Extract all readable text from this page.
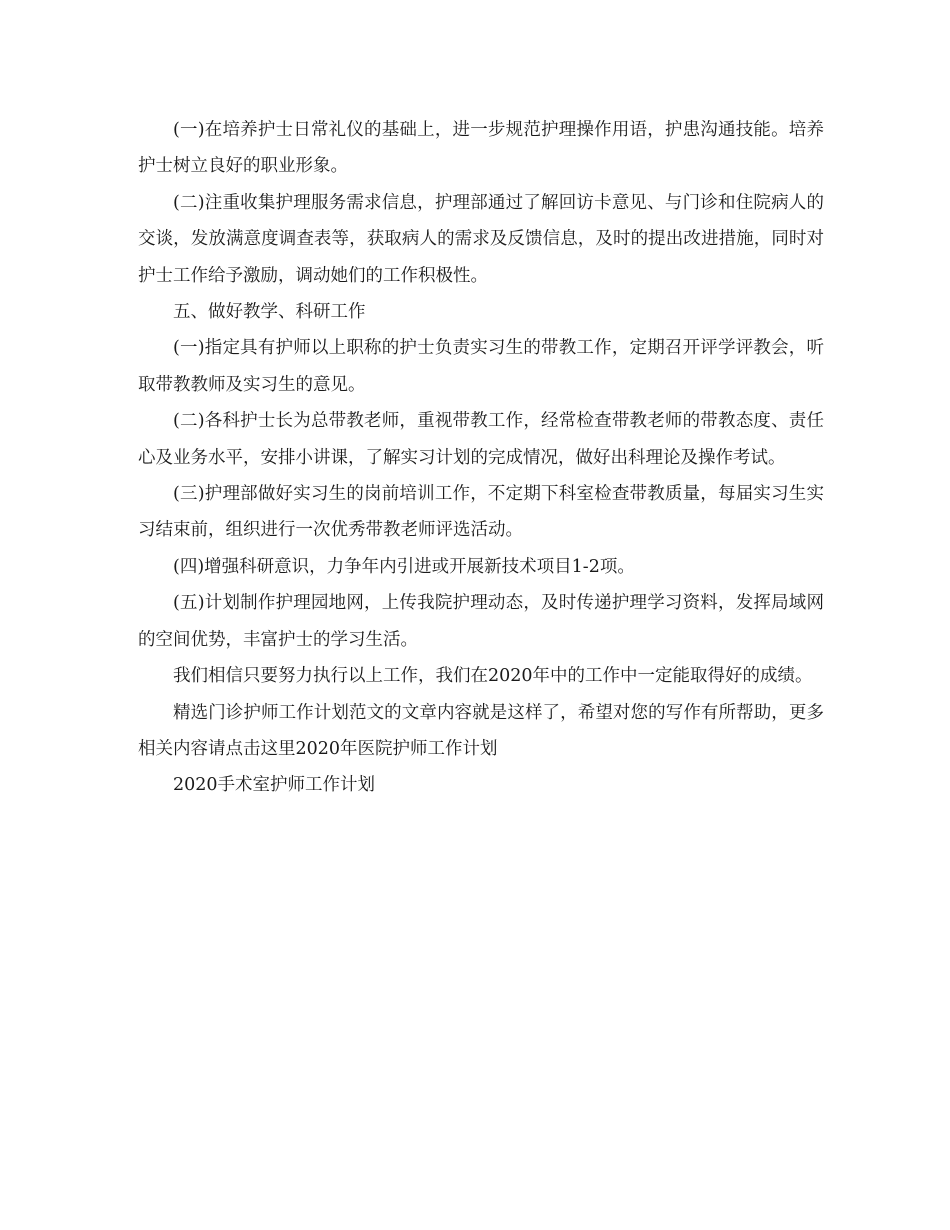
(一)在培养护士日常礼仪的基础上，进一步规范护理操作用语，护患沟通技能。培养护士树立良好的职业形象。

(二)注重收集护理服务需求信息，护理部通过了解回访卡意见、与门诊和住院病人的交谈，发放满意度调查表等，获取病人的需求及反馈信息，及时的提出改进措施，同时对护士工作给予激励，调动她们的工作积极性。

五、做好教学、科研工作

(一)指定具有护师以上职称的护士负责实习生的带教工作，定期召开评学评教会，听取带教教师及实习生的意见。

(二)各科护士长为总带教老师，重视带教工作，经常检查带教老师的带教态度、责任心及业务水平，安排小讲课，了解实习计划的完成情况，做好出科理论及操作考试。

(三)护理部做好实习生的岗前培训工作，不定期下科室检查带教质量，每届实习生实习结束前，组织进行一次优秀带教老师评选活动。

(四)增强科研意识，力争年内引进或开展新技术项目1-2项。

(五)计划制作护理园地网，上传我院护理动态，及时传递护理学习资料，发挥局域网的空间优势，丰富护士的学习生活。

我们相信只要努力执行以上工作，我们在2020年中的工作中一定能取得好的成绩。

精选门诊护师工作计划范文的文章内容就是这样了，希望对您的写作有所帮助，更多相关内容请点击这里2020年医院护师工作计划

2020手术室护师工作计划
